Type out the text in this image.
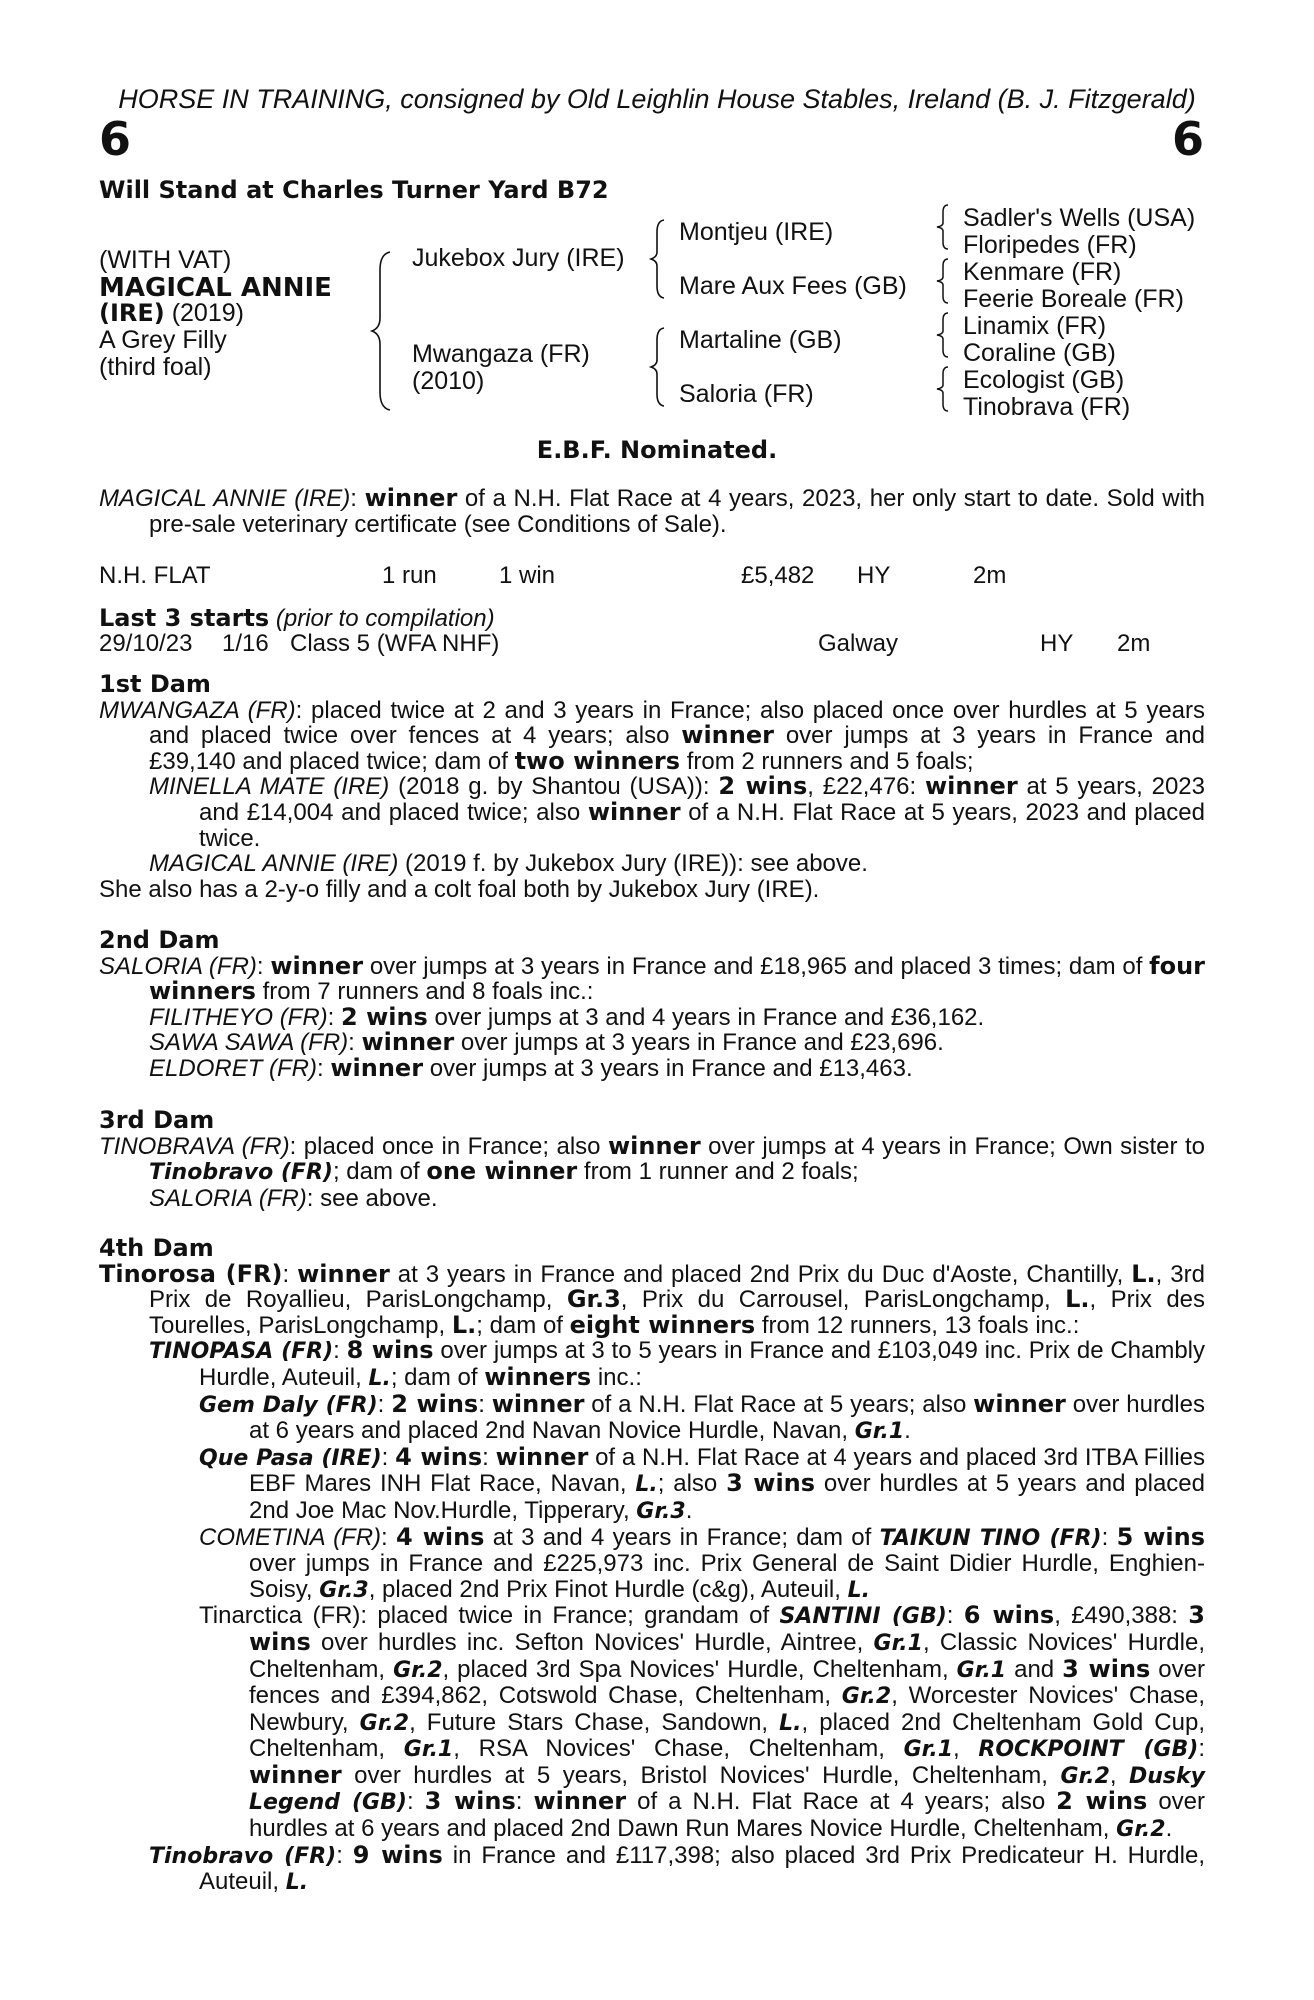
HORSE IN TRAINING, consigned by Old Leighlin House Stables, Ireland (B. J. Fitzgerald)
6	6
Will Stand at Charles Turner Yard B72
(WITH VAT)
MAGICAL ANNIE
(IRE) (2019)
A Grey Filly
(third foal)
Jukebox Jury (IRE)
Mwangaza (FR)
(2010)
Montjeu (IRE)
Mare Aux Fees (GB)
Martaline (GB)
Saloria (FR)
Sadler's Wells (USA)
Floripedes (FR)
Kenmare (FR)
Feerie Boreale (FR)
Linamix (FR)
Coraline (GB)
Ecologist (GB)
Tinobrava (FR)
E.B.F. Nominated.

MAGICAL ANNIE (IRE): winner of a N.H. Flat Race at 4 years, 2023, her only start to date. Sold with pre-sale veterinary certificate (see Conditions of Sale).

N.H. FLAT	1 run	1 win	£5,482 HY	2m
Last 3 starts (prior to compilation)
29/10/23 1/16 Class 5 (WFA NHF)	Galway	HY 2m

1st Dam

MWANGAZA (FR): placed twice at 2 and 3 years in France; also placed once over hurdles at 5 years and placed twice over fences at 4 years; also winner over jumps at 3 years in France and £39,140 and placed twice; dam of two winners from 2 runners and 5 foals;

MINELLA MATE (IRE) (2018 g. by Shantou (USA)): 2 wins, £22,476: winner at 5 years, 2023 and £14,004 and placed twice; also winner of a N.H. Flat Race at 5 years, 2023 and placed twice.

MAGICAL ANNIE (IRE) (2019 f. by Jukebox Jury (IRE)): see above.

She also has a 2-y-o filly and a colt foal both by Jukebox Jury (IRE).

2nd Dam

SALORIA (FR): winner over jumps at 3 years in France and £18,965 and placed 3 times; dam of four winners from 7 runners and 8 foals inc.:

FILITHEYO (FR): 2 wins over jumps at 3 and 4 years in France and £36,162.

SAWA SAWA (FR): winner over jumps at 3 years in France and £23,696.

ELDORET (FR): winner over jumps at 3 years in France and £13,463.

3rd Dam

TINOBRAVA (FR): placed once in France; also winner over jumps at 4 years in France; Own sister to Tinobravo (FR); dam of one winner from 1 runner and 2 foals;

SALORIA (FR): see above.

4th Dam

Tinorosa (FR): winner at 3 years in France and placed 2nd Prix du Duc d'Aoste, Chantilly, L., 3rd Prix de Royallieu, ParisLongchamp, Gr.3, Prix du Carrousel, ParisLongchamp, L., Prix des Tourelles, ParisLongchamp, L.; dam of eight winners from 12 runners, 13 foals inc.:

TINOPASA (FR): 8 wins over jumps at 3 to 5 years in France and £103,049 inc. Prix de Chambly Hurdle, Auteuil, L.; dam of winners inc.:

Gem Daly (FR): 2 wins: winner of a N.H. Flat Race at 5 years; also winner over hurdles at 6 years and placed 2nd Navan Novice Hurdle, Navan, Gr.1.

Que Pasa (IRE): 4 wins: winner of a N.H. Flat Race at 4 years and placed 3rd ITBA Fillies EBF Mares INH Flat Race, Navan, L.; also 3 wins over hurdles at 5 years and placed 2nd Joe Mac Nov.Hurdle, Tipperary, Gr.3.

COMETINA (FR): 4 wins at 3 and 4 years in France; dam of TAIKUN TINO (FR): 5 wins over jumps in France and £225,973 inc. Prix General de Saint Didier Hurdle, Enghien-Soisy, Gr.3, placed 2nd Prix Finot Hurdle (c&g), Auteuil, L.

Tinarctica (FR): placed twice in France; grandam of SANTINI (GB): 6 wins, £490,388: 3 wins over hurdles inc. Sefton Novices' Hurdle, Aintree, Gr.1, Classic Novices' Hurdle, Cheltenham, Gr.2, placed 3rd Spa Novices' Hurdle, Cheltenham, Gr.1 and 3 wins over fences and £394,862, Cotswold Chase, Cheltenham, Gr.2, Worcester Novices' Chase, Newbury, Gr.2, Future Stars Chase, Sandown, L., placed 2nd Cheltenham Gold Cup, Cheltenham, Gr.1, RSA Novices' Chase, Cheltenham, Gr.1, ROCKPOINT (GB): winner over hurdles at 5 years, Bristol Novices' Hurdle, Cheltenham, Gr.2, Dusky Legend (GB): 3 wins: winner of a N.H. Flat Race at 4 years; also 2 wins over hurdles at 6 years and placed 2nd Dawn Run Mares Novice Hurdle, Cheltenham, Gr.2.

Tinobravo (FR): 9 wins in France and £117,398; also placed 3rd Prix Predicateur H. Hurdle, Auteuil, L.
